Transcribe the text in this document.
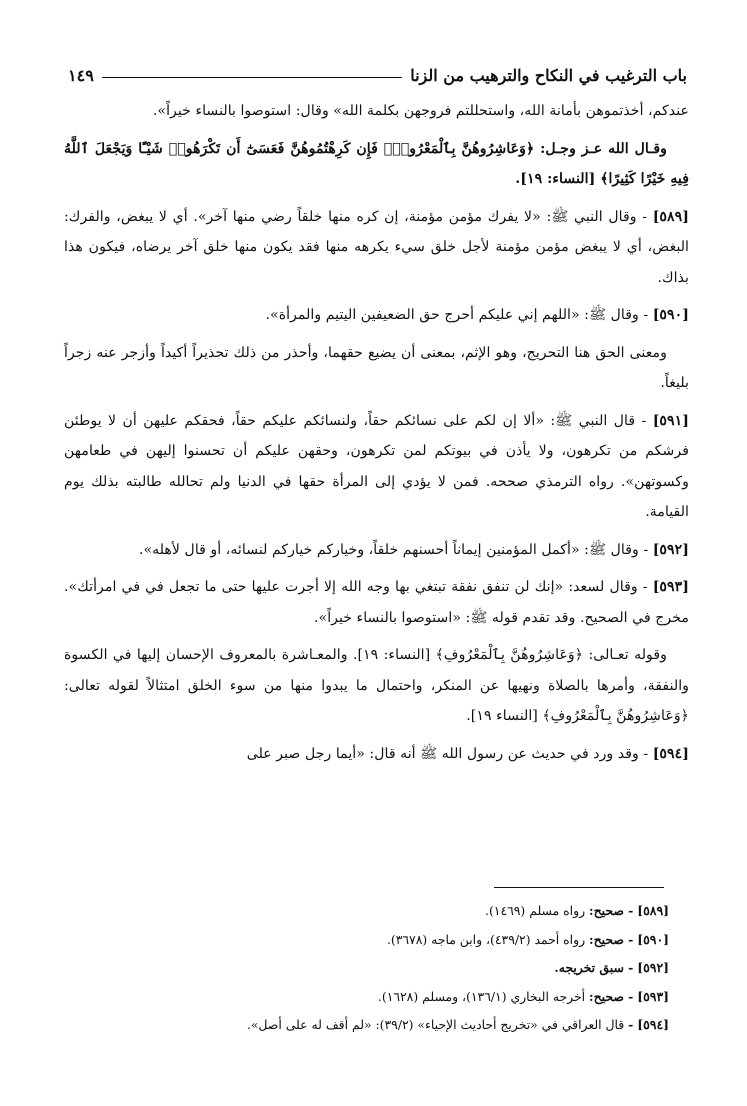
باب الترغيب في النكاح والترهيب من الزنا
١٤٩

عندكم، أخذتموهن بأمانة الله، واستحللتم فروجهن بكلمة الله» وقال: استوصوا بالنساء خيراً».

وقـال الله عـز وجـل: ﴿وَعَاشِرُوهُنَّ بِٱلْمَعْرُوفِۚ فَإِن كَرِهْتُمُوهُنَّ فَعَسَىٰٓ أَن تَكْرَهُوا۟ شَيْـًٔا وَيَجْعَلَ ٱللَّهُ فِيهِ خَيْرًا كَثِيرًا﴾ [النساء: ١٩].

[٥٨٩] - وقال النبي ﷺ: «لا يفرك مؤمن مؤمنة، إن كره منها خلقاً رضي منها آخر». أي لا يبغض، والفرك: البغض، أي لا يبغض مؤمن مؤمنة لأجل خلق سيء يكرهه منها فقد يكون منها خلق آخر يرضاه، فيكون هذا بذاك.

[٥٩٠] - وقال ﷺ: «اللهم إني عليكم أحرج حق الضعيفين اليتيم والمرأة».

ومعنى الحق هنا التحريج، وهو الإثم، بمعنى أن يضيع حقهما، وأحذر من ذلك تحذيراً أكيداً وأزجر عنه زجراً بليغاً.

[٥٩١] - قال النبي ﷺ: «ألا إن لكم على نسائكم حقاً، ولنسائكم عليكم حقاً، فحقكم عليهن أن لا يوطئن فرشكم من تكرهون، ولا يأذن في بيوتكم لمن تكرهون، وحقهن عليكم أن تحسنوا إليهن في طعامهن وكسوتهن». رواه الترمذي صححه. فمن لا يؤدي إلى المرأة حقها في الدنيا ولم تحالله طالبته بذلك يوم القيامة.

[٥٩٢] - وقال ﷺ: «أكمل المؤمنين إيماناً أحسنهم خلقاً، وخياركم خياركم لنسائه، أو قال لأهله».

[٥٩٣] - وقال لسعد: «إنك لن تنفق نفقة تبتغي بها وجه الله إلا أجرت عليها حتى ما تجعل في في امرأتك». مخرج في الصحيح. وقد تقدم قوله ﷺ: «استوصوا بالنساء خيراً».

وقوله تعـالى: ﴿وَعَاشِرُوهُنَّ بِٱلْمَعْرُوفِ﴾ [النساء: ١٩]. والمعـاشرة بالمعروف الإحسان إليها في الكسوة والنفقة، وأمرها بالصلاة ونهيها عن المنكر، واحتمال ما يبدوا منها من سوء الخلق امتثالاً لقوله تعالى: ﴿وَعَاشِرُوهُنَّ بِٱلْمَعْرُوفِ﴾ [النساء ١٩].

[٥٩٤] - وقد ورد في حديث عن رسول الله ﷺ أنه قال: «أيما رجل صبر على

[٥٨٩] - صحيح: رواه مسلم (١٤٦٩).

[٥٩٠] - صحيح: رواه أحمد (٤٣٩/٢)، وابن ماجه (٣٦٧٨).

[٥٩٢] - سبق تخريجه.

[٥٩٣] - صحيح: أخرجه البخاري (١٣٦/١)، ومسلم (١٦٢٨).

[٥٩٤] - قال العراقي في «تخريج أحاديث الإحياء» (٣٩/٢): «لم أقف له على أصل».
